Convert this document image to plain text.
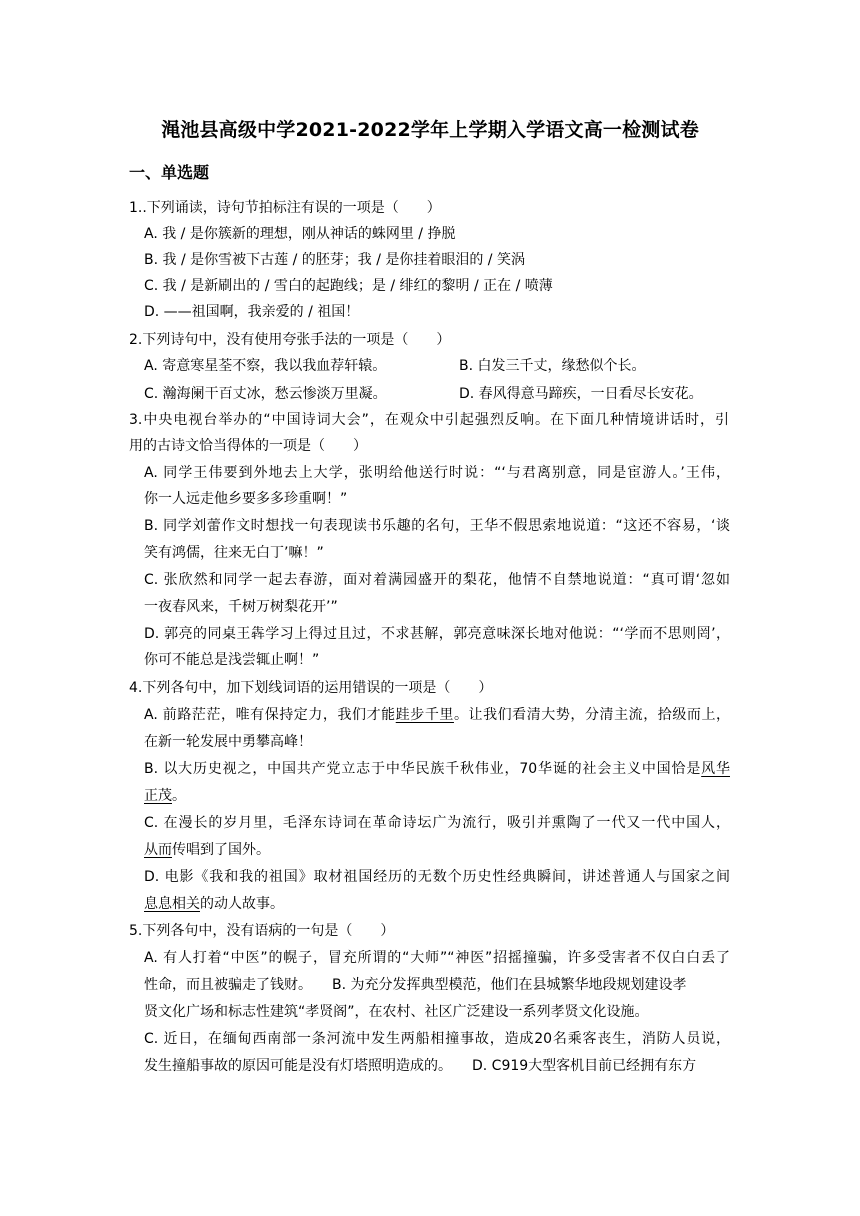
渑池县高级中学2021-2022学年上学期入学语文高一检测试卷
一、单选题
1..下列诵读，诗句节拍标注有误的一项是（　　）
A. 我 / 是你簇新的理想，刚从神话的蛛网里 / 挣脱
B. 我 / 是你雪被下古莲 / 的胚芽；我 / 是你挂着眼泪的 / 笑涡
C. 我 / 是新刷出的 / 雪白的起跑线；是 / 绯红的黎明 / 正在 / 喷薄
D. ——祖国啊，我亲爱的 / 祖国！
2.下列诗句中，没有使用夸张手法的一项是（　　）
A. 寄意寒星荃不察，我以我血荐轩辕。	B. 白发三千丈，缘愁似个长。
C. 瀚海阑干百丈冰，愁云惨淡万里凝。	D. 春风得意马蹄疾，一日看尽长安花。
3.中央电视台举办的“中国诗词大会”，在观众中引起强烈反响。在下面几种情境讲话时，引
用的古诗文恰当得体的一项是（　　）
A. 同学王伟要到外地去上大学，张明给他送行时说：“‘与君离别意，同是宦游人。’王伟，
你一人远走他乡要多多珍重啊！”
B. 同学刘蕾作文时想找一句表现读书乐趣的名句，王华不假思索地说道：“这还不容易，‘谈
笑有鸿儒，往来无白丁’嘛！”
C. 张欣然和同学一起去春游，面对着满园盛开的梨花，他情不自禁地说道：“真可谓‘忽如
一夜春风来，千树万树梨花开’”
D. 郭亮的同桌王犇学习上得过且过，不求甚解，郭亮意味深长地对他说：“‘学而不思则罔’，
你可不能总是浅尝辄止啊！”
4.下列各句中，加下划线词语的运用错误的一项是（　　）
A. 前路茫茫，唯有保持定力，我们才能跬步千里。让我们看清大势，分清主流，拾级而上，
在新一轮发展中勇攀高峰！
B. 以大历史视之，中国共产党立志于中华民族千秋伟业，70华诞的社会主义中国恰是风华
正茂。
C. 在漫长的岁月里，毛泽东诗词在革命诗坛广为流行，吸引并熏陶了一代又一代中国人，
从而传唱到了国外。
D. 电影《我和我的祖国》取材祖国经历的无数个历史性经典瞬间，讲述普通人与国家之间
息息相关的动人故事。
5.下列各句中，没有语病的一句是（　　）
A. 有人打着“中医”的幌子，冒充所谓的“大师”“神医”招摇撞骗，许多受害者不仅白白丢了
性命，而且被骗走了钱财。 B. 为充分发挥典型模范，他们在县城繁华地段规划建设孝
贤文化广场和标志性建筑“孝贤阁”，在农村、社区广泛建设一系列孝贤文化设施。
C. 近日，在缅甸西南部一条河流中发生两船相撞事故，造成20名乘客丧生，消防人员说，
发生撞船事故的原因可能是没有灯塔照明造成的。 D. C919大型客机目前已经拥有东方
